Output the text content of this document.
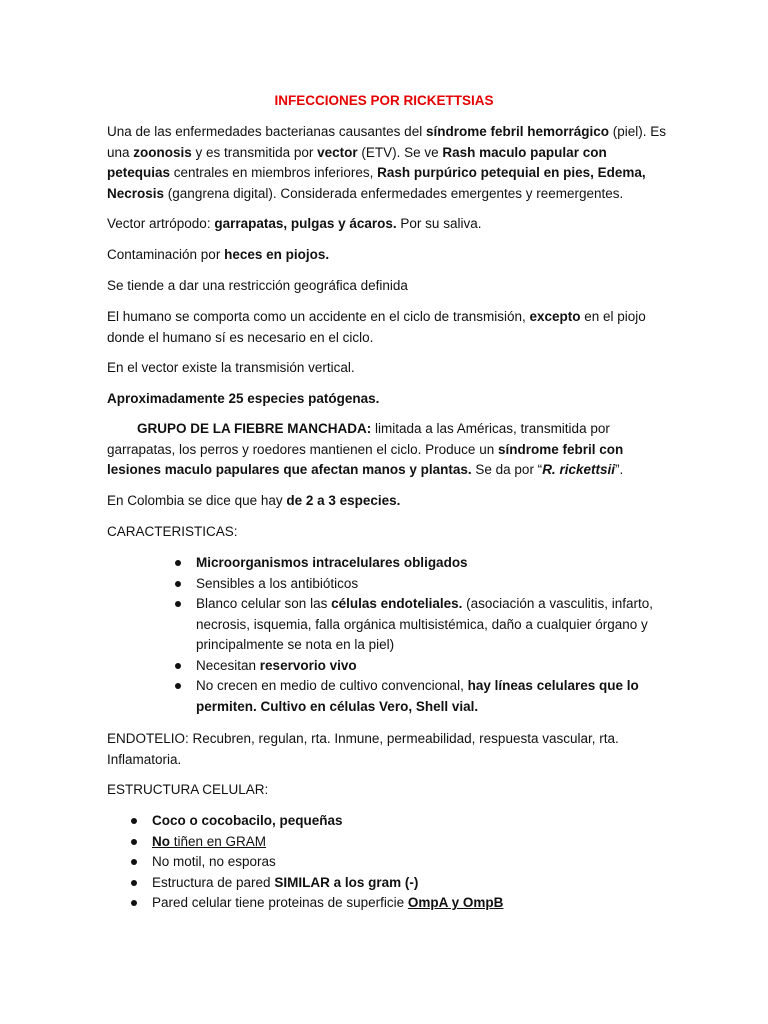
INFECCIONES POR RICKETTSIAS

Una de las enfermedades bacterianas causantes del síndrome febril hemorrágico (piel). Es una zoonosis y es transmitida por vector (ETV). Se ve Rash maculo papular con petequias centrales en miembros inferiores, Rash purpúrico petequial en pies, Edema, Necrosis (gangrena digital). Considerada enfermedades emergentes y reemergentes.

Vector artrópodo: garrapatas, pulgas y ácaros. Por su saliva.

Contaminación por heces en piojos.

Se tiende a dar una restricción geográfica definida

El humano se comporta como un accidente en el ciclo de transmisión, excepto en el piojo donde el humano sí es necesario en el ciclo.

En el vector existe la transmisión vertical.

Aproximadamente 25 especies patógenas.

GRUPO DE LA FIEBRE MANCHADA: limitada a las Américas, transmitida por garrapatas, los perros y roedores mantienen el ciclo. Produce un síndrome febril con lesiones maculo papulares que afectan manos y plantas. Se da por “R. rickettsii”.

En Colombia se dice que hay de 2 a 3 especies.

CARACTERISTICAS:

Microorganismos intracelulares obligados
Sensibles a los antibióticos
Blanco celular son las células endoteliales. (asociación a vasculitis, infarto, necrosis, isquemia, falla orgánica multisistémica, daño a cualquier órgano y principalmente se nota en la piel)
Necesitan reservorio vivo
No crecen en medio de cultivo convencional, hay líneas celulares que lo permiten. Cultivo en células Vero, Shell vial.

ENDOTELIO: Recubren, regulan, rta. Inmune, permeabilidad, respuesta vascular, rta. Inflamatoria.

ESTRUCTURA CELULAR:

Coco o cocobacilo, pequeñas
No tiñen en GRAM
No motil, no esporas
Estructura de pared SIMILAR a los gram (-)
Pared celular tiene proteinas de superficie OmpA y OmpB
